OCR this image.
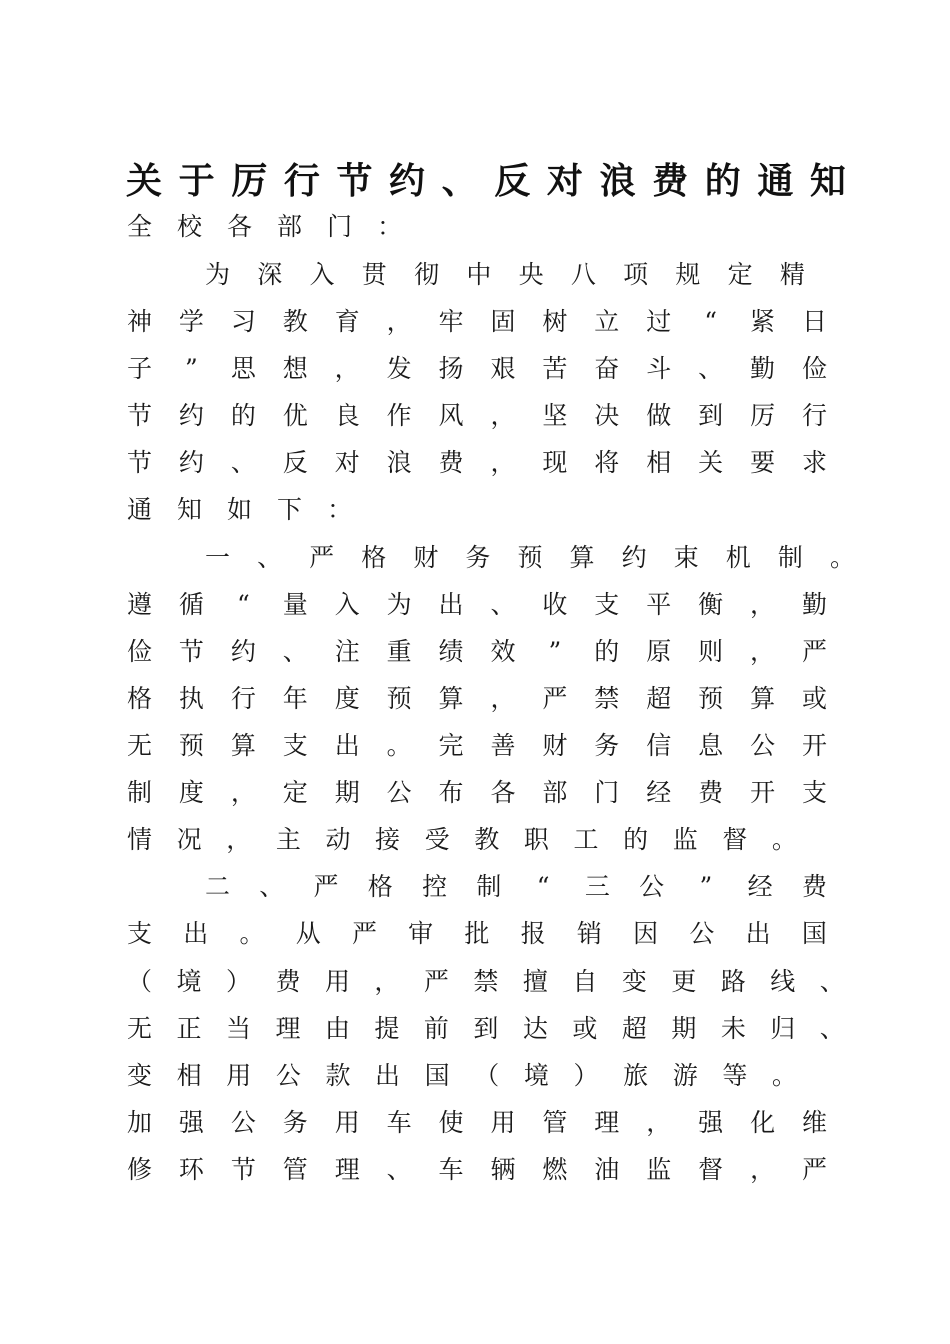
关 于 厉 行 节 约 、 反 对 浪 费 的 通 知
全 校 各 部 门 ：
为 深 入 贯 彻 中 央 八 项 规 定 精
神 学 习 教 育 ， 牢 固 树 立 过 “ 紧 日
子 ” 思 想 ， 发 扬 艰 苦 奋 斗 、 勤 俭
节 约 的 优 良 作 风 ， 坚 决 做 到 厉 行
节 约 、 反 对 浪 费 ， 现 将 相 关 要 求
通 知 如 下 ：
一 、 严 格 财 务 预 算 约 束 机 制 。
遵 循 “ 量 入 为 出 、 收 支 平 衡 ， 勤
俭 节 约 、 注 重 绩 效 ” 的 原 则 ， 严
格 执 行 年 度 预 算 ， 严 禁 超 预 算 或
无 预 算 支 出 。 完 善 财 务 信 息 公 开
制 度 ， 定 期 公 布 各 部 门 经 费 开 支
情 况 ， 主 动 接 受 教 职 工 的 监 督 。
二 、 严 格 控 制 “ 三 公 ” 经 费
支 出 。 从 严 审 批 报 销 因 公 出 国
（ 境 ） 费 用 ， 严 禁 擅 自 变 更 路 线 、
无 正 当 理 由 提 前 到 达 或 超 期 未 归 、
变 相 用 公 款 出 国 （ 境 ） 旅 游 等 。
加 强 公 务 用 车 使 用 管 理 ， 强 化 维
修 环 节 管 理 、 车 辆 燃 油 监 督 ， 严
